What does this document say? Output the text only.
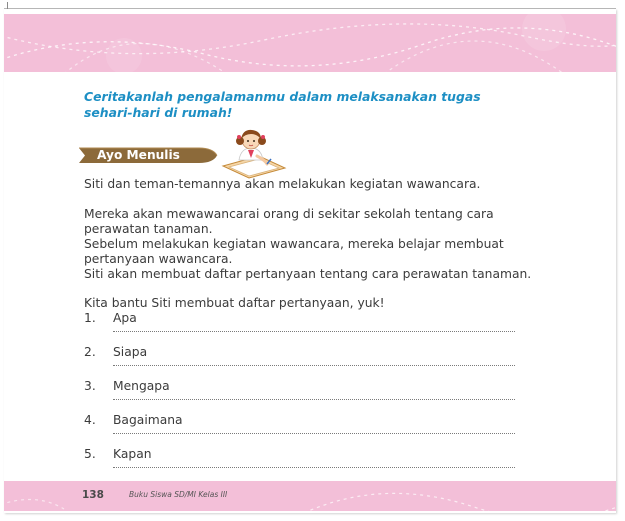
Ceritakanlah pengalamanmu dalam melaksanakan tugas sehari-hari di rumah!

Ayo Menulis

Siti dan teman-temannya akan melakukan kegiatan wawancara.

Mereka akan mewawancarai orang di sekitar sekolah tentang cara perawatan tanaman.

Sebelum melakukan kegiatan wawancara, mereka belajar membuat pertanyaan wawancara.

Siti akan membuat daftar pertanyaan tentang cara perawatan tanaman.

Kita bantu Siti membuat daftar pertanyaan, yuk!

1. Apa
2. Siapa
3. Mengapa
4. Bagaimana
5. Kapan
138	Buku Siswa SD/MI Kelas III
